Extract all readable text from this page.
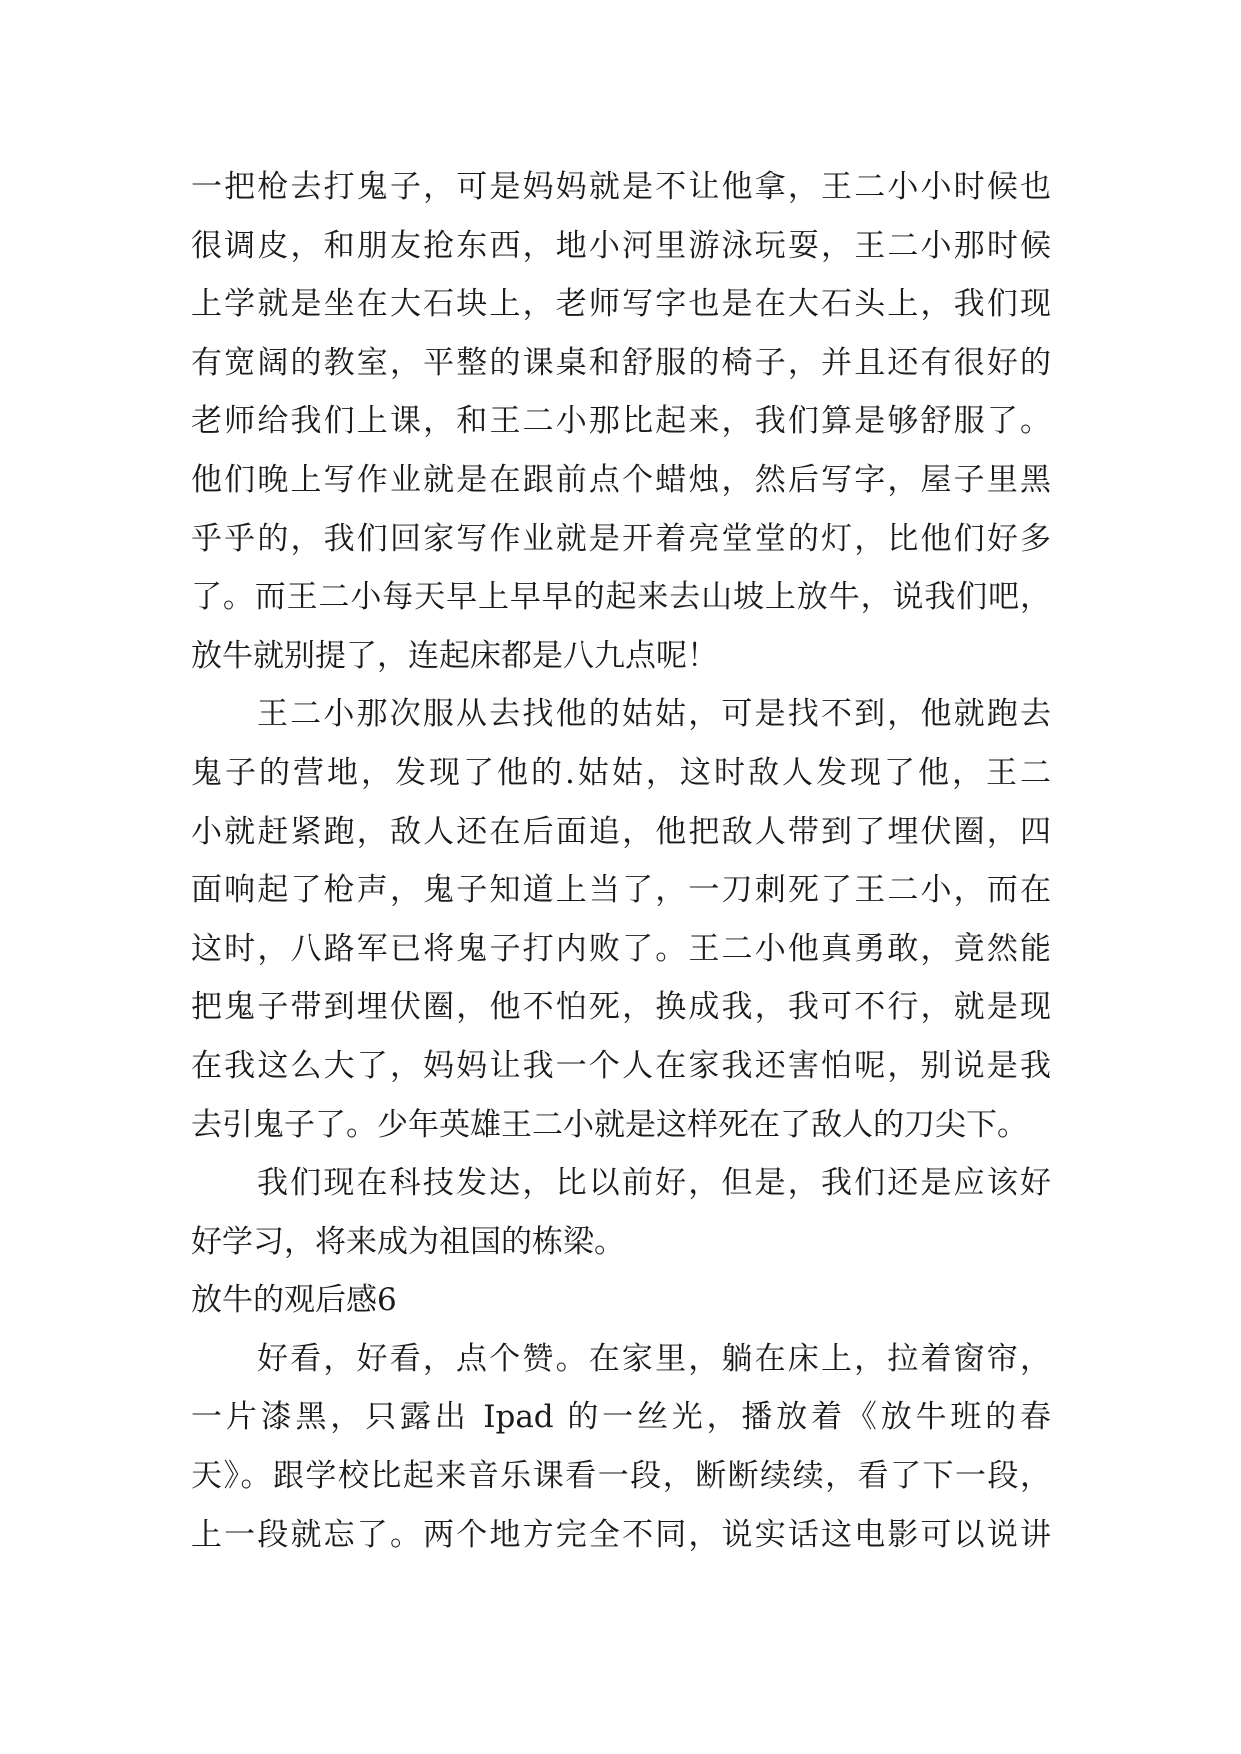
一把枪去打鬼子，可是妈妈就是不让他拿，王二小小时候也
很调皮，和朋友抢东西，地小河里游泳玩耍，王二小那时候
上学就是坐在大石块上，老师写字也是在大石头上，我们现
有宽阔的教室，平整的课桌和舒服的椅子，并且还有很好的
老师给我们上课，和王二小那比起来，我们算是够舒服了。
他们晚上写作业就是在跟前点个蜡烛，然后写字，屋子里黑
乎乎的，我们回家写作业就是开着亮堂堂的灯，比他们好多
了。而王二小每天早上早早的起来去山坡上放牛，说我们吧，
放牛就别提了，连起床都是八九点呢！
王二小那次服从去找他的姑姑，可是找不到，他就跑去
鬼子的营地，发现了他的.姑姑，这时敌人发现了他，王二
小就赶紧跑，敌人还在后面追，他把敌人带到了埋伏圈，四
面响起了枪声，鬼子知道上当了，一刀刺死了王二小，而在
这时，八路军已将鬼子打内败了。王二小他真勇敢，竟然能
把鬼子带到埋伏圈，他不怕死，换成我，我可不行，就是现
在我这么大了，妈妈让我一个人在家我还害怕呢，别说是我
去引鬼子了。少年英雄王二小就是这样死在了敌人的刀尖下。
我们现在科技发达，比以前好，但是，我们还是应该好
好学习，将来成为祖国的栋梁。
放牛的观后感6
好看，好看，点个赞。在家里，躺在床上，拉着窗帘，
一片漆黑，只露出 Ipad 的一丝光，播放着《放牛班的春
天》。跟学校比起来音乐课看一段，断断续续，看了下一段，
上一段就忘了。两个地方完全不同，说实话这电影可以说讲
